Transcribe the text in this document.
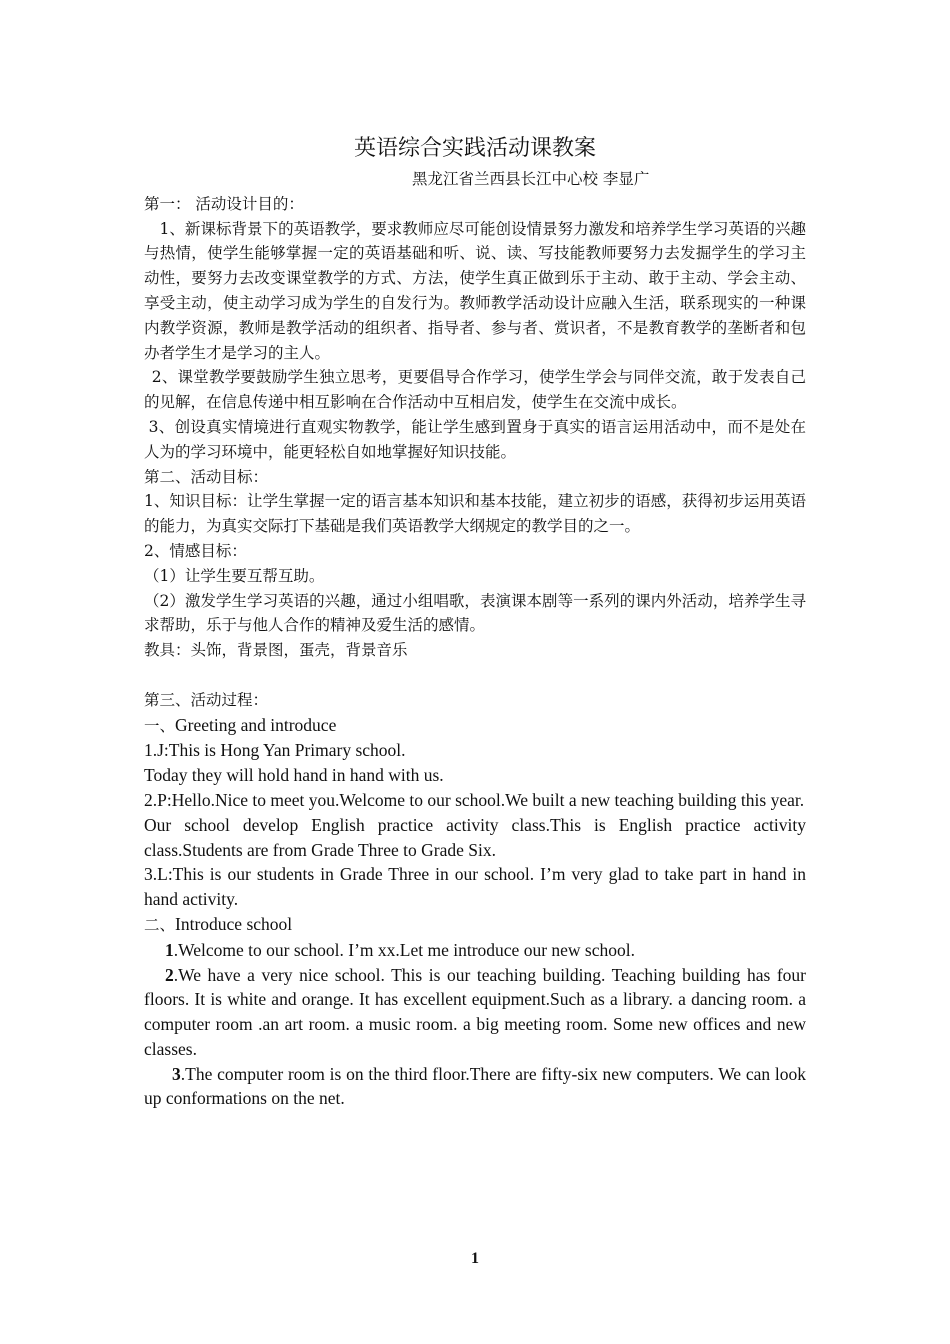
英语综合实践活动课教案

黑龙江省兰西县长江中心校 李显广

第一： 活动设计目的：

1、新课标背景下的英语教学，要求教师应尽可能创设情景努力激发和培养学生学习英语的兴趣与热情，使学生能够掌握一定的英语基础和听、说、读、写技能教师要努力去发掘学生的学习主动性，要努力去改变课堂教学的方式、方法，使学生真正做到乐于主动、敢于主动、学会主动、享受主动，使主动学习成为学生的自发行为。教师教学活动设计应融入生活，联系现实的一种课内教学资源，教师是教学活动的组织者、指导者、参与者、赏识者，不是教育教学的垄断者和包办者学生才是学习的主人。

2、课堂教学要鼓励学生独立思考，更要倡导合作学习，使学生学会与同伴交流，敢于发表自己的见解，在信息传递中相互影响在合作活动中互相启发，使学生在交流中成长。

3、创设真实情境进行直观实物教学，能让学生感到置身于真实的语言运用活动中，而不是处在人为的学习环境中，能更轻松自如地掌握好知识技能。

第二、活动目标：

1、知识目标：让学生掌握一定的语言基本知识和基本技能，建立初步的语感，获得初步运用英语的能力，为真实交际打下基础是我们英语教学大纲规定的教学目的之一。

2、情感目标：

（1）让学生要互帮互助。

（2）激发学生学习英语的兴趣，通过小组唱歌，表演课本剧等一系列的课内外活动，培养学生寻求帮助，乐于与他人合作的精神及爱生活的感情。

教具：头饰，背景图，蛋壳，背景音乐

第三、活动过程：

一、Greeting and introduce

1.J:This is Hong Yan Primary school.

Today they will hold hand in hand with us.

2.P:Hello.Nice to meet you.Welcome to our school.We built a new teaching building this year.

Our school develop English practice activity class.This is English practice activity class.Students are from Grade Three to Grade Six.

3.L:This is our students in Grade Three in our school. I’m very glad to take part in hand in hand activity.

二、Introduce school

1.Welcome to our school. I’m xx.Let me introduce our new school.

2.We have a very nice school. This is our teaching building. Teaching building has four floors. It is white and orange. It has excellent equipment.Such as a library. a dancing room. a computer room .an art room. a music room. a big meeting room. Some new offices and new classes.

3.The computer room is on the third floor.There are fifty-six new computers. We can look up conformations on the net.

1
